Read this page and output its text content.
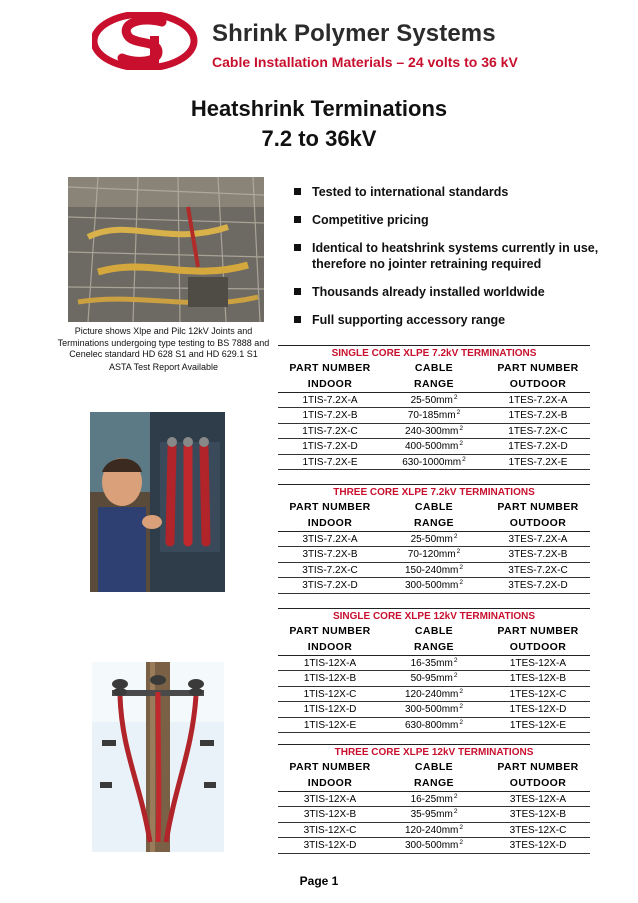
Shrink Polymer Systems
Cable Installation Materials – 24 volts to 36 kV
Heatshrink Terminations
7.2 to 36kV
Picture shows Xlpe and Pilc 12kV Joints and Terminations undergoing type testing to BS 7888 and Cenelec standard HD 628 S1 and HD 629.1 S1
ASTA Test Report Available
Tested to international standards
Competitive pricing
Identical to heatshrink systems currently in use, therefore no jointer retraining required
Thousands already installed worldwide
Full supporting accessory range
SINGLE CORE XLPE 7.2kV TERMINATIONS
PART NUMBER	CABLE	PART NUMBER
INDOOR	RANGE	OUTDOOR
1TIS-7.2X-A	$25-50mm^2$	1TES-7.2X-A
1TIS-7.2X-B	$70-185mm^2$	1TES-7.2X-B
1TIS-7.2X-C	$240-300mm^2$	1TES-7.2X-C
1TIS-7.2X-D	$400-500mm^2$	1TES-7.2X-D
1TIS-7.2X-E	$630-1000mm^2$	1TES-7.2X-E
THREE CORE XLPE 7.2kV TERMINATIONS
PART NUMBER	CABLE	PART NUMBER
INDOOR	RANGE	OUTDOOR
3TIS-7.2X-A	$25-50mm^2$	3TES-7.2X-A
3TIS-7.2X-B	$70-120mm^2$	3TES-7.2X-B
3TIS-7.2X-C	$150-240mm^2$	3TES-7.2X-C
3TIS-7.2X-D	$300-500mm^2$	3TES-7.2X-D
SINGLE CORE XLPE 12kV TERMINATIONS
PART NUMBER	CABLE	PART NUMBER
INDOOR	RANGE	OUTDOOR
1TIS-12X-A	$16-35mm^2$	1TES-12X-A
1TIS-12X-B	$50-95mm^2$	1TES-12X-B
1TIS-12X-C	$120-240mm^2$	1TES-12X-C
1TIS-12X-D	$300-500mm^2$	1TES-12X-D
1TIS-12X-E	$630-800mm^2$	1TES-12X-E
THREE CORE XLPE 12kV TERMINATIONS
PART NUMBER	CABLE	PART NUMBER
INDOOR	RANGE	OUTDOOR
3TIS-12X-A	$16-25mm^2$	3TES-12X-A
3TIS-12X-B	$35-95mm^2$	3TES-12X-B
3TIS-12X-C	$120-240mm^2$	3TES-12X-C
3TIS-12X-D	$300-500mm^2$	3TES-12X-D
Page 1
